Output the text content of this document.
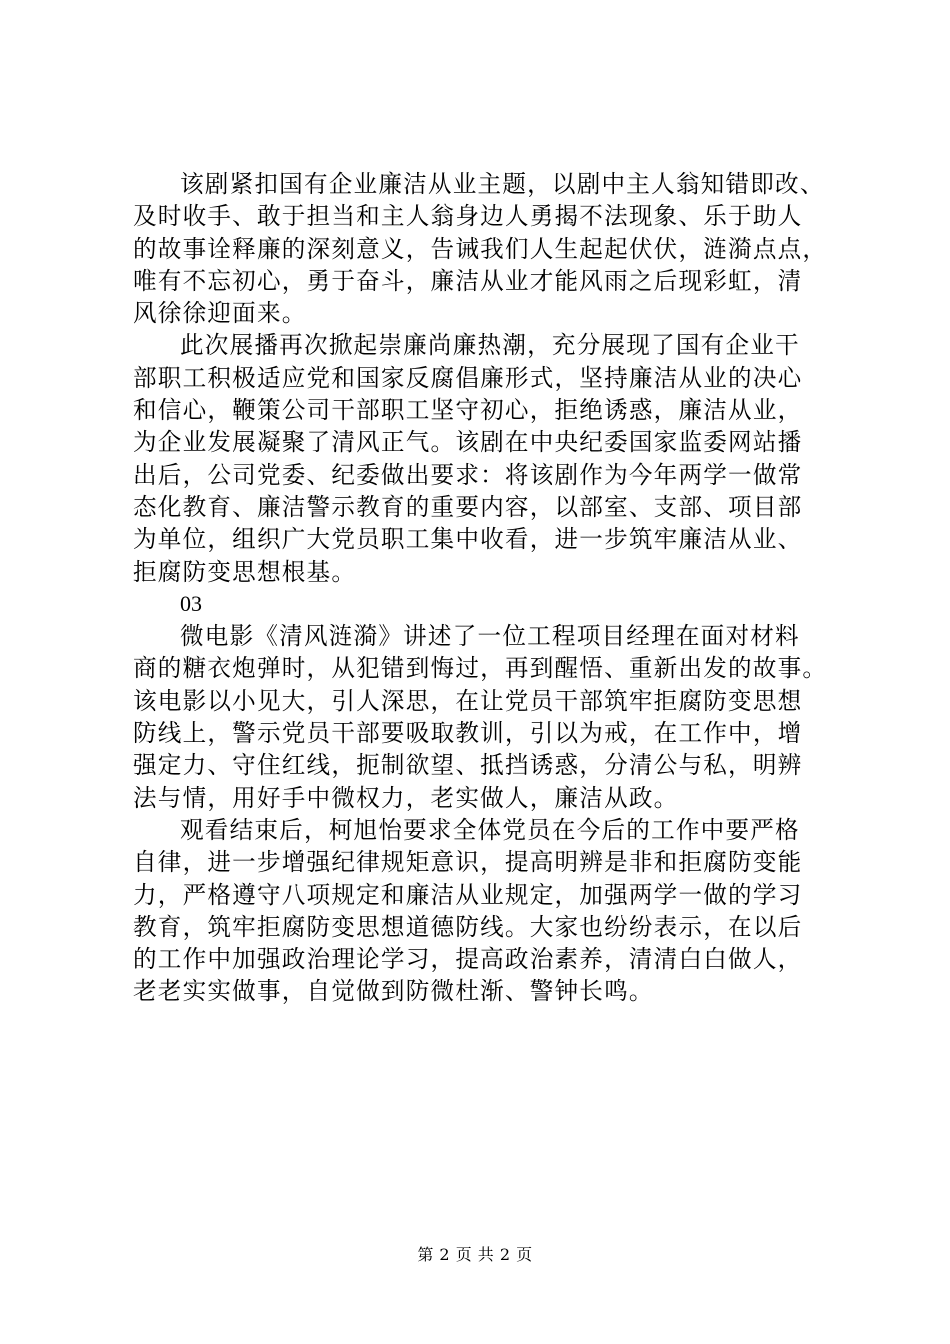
该剧紧扣国有企业廉洁从业主题，以剧中主人翁知错即改、
及时收手、敢于担当和主人翁身边人勇揭不法现象、乐于助人
的故事诠释廉的深刻意义，告诫我们人生起起伏伏，涟漪点点，
唯有不忘初心，勇于奋斗，廉洁从业才能风雨之后现彩虹，清
风徐徐迎面来。
此次展播再次掀起崇廉尚廉热潮，充分展现了国有企业干
部职工积极适应党和国家反腐倡廉形式，坚持廉洁从业的决心
和信心，鞭策公司干部职工坚守初心，拒绝诱惑，廉洁从业，
为企业发展凝聚了清风正气。该剧在中央纪委国家监委网站播
出后，公司党委、纪委做出要求：将该剧作为今年两学一做常
态化教育、廉洁警示教育的重要内容，以部室、支部、项目部
为单位，组织广大党员职工集中收看，进一步筑牢廉洁从业、
拒腐防变思想根基。
03
微电影《清风涟漪》讲述了一位工程项目经理在面对材料
商的糖衣炮弹时，从犯错到悔过，再到醒悟、重新出发的故事。
该电影以小见大，引人深思，在让党员干部筑牢拒腐防变思想
防线上，警示党员干部要吸取教训，引以为戒，在工作中，增
强定力、守住红线，扼制欲望、抵挡诱惑，分清公与私，明辨
法与情，用好手中微权力，老实做人，廉洁从政。
观看结束后，柯旭怡要求全体党员在今后的工作中要严格
自律，进一步增强纪律规矩意识，提高明辨是非和拒腐防变能
力，严格遵守八项规定和廉洁从业规定，加强两学一做的学习
教育，筑牢拒腐防变思想道德防线。大家也纷纷表示，在以后
的工作中加强政治理论学习，提高政治素养，清清白白做人，
老老实实做事，自觉做到防微杜渐、警钟长鸣。
第 2 页 共 2 页
